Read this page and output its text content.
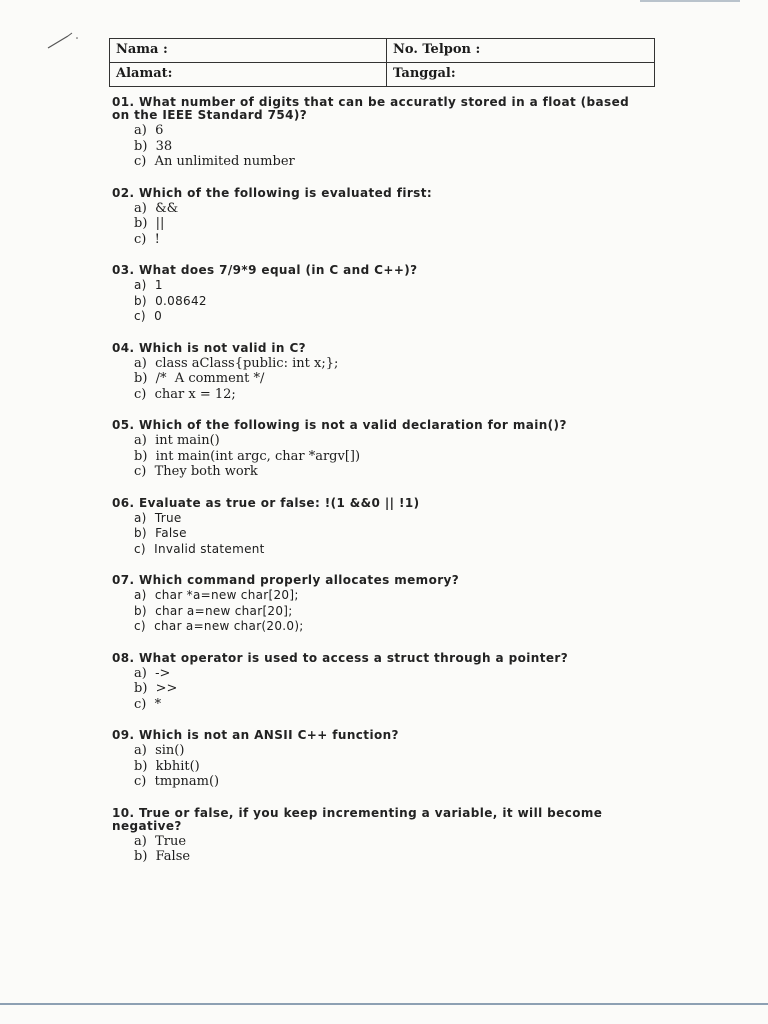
Nama :	No. Telpon :
Alamat:	Tanggal:
01. What number of digits that can be accuratly stored in a float (based on the IEEE Standard 754)?
a)  6
b)  38
c)  An unlimited number
02. Which of the following is evaluated first:
a)  &&
b)  ||
c)  !
03. What does 7/9*9 equal (in C and C++)?
a)  1
b)  0.08642
c)  0
04. Which is not valid in C?
a)  class aClass{public: int x;};
b)  /*  A comment */
c)  char x = 12;
05. Which of the following is not a valid declaration for main()?
a)  int main()
b)  int main(int argc, char *argv[])
c)  They both work
06. Evaluate as true or false: !(1 &&0 || !1)
a)  True
b)  False
c)  Invalid statement
07. Which command properly allocates memory?
a)  char *a=new char[20];
b)  char a=new char[20];
c)  char a=new char(20.0);
08. What operator is used to access a struct through a pointer?
a)  ->
b)  >>
c)  *
09. Which is not an ANSII C++ function?
a)  sin()
b)  kbhit()
c)  tmpnam()
10. True or false, if you keep incrementing a variable, it will become negative?
a)  True
b)  False
